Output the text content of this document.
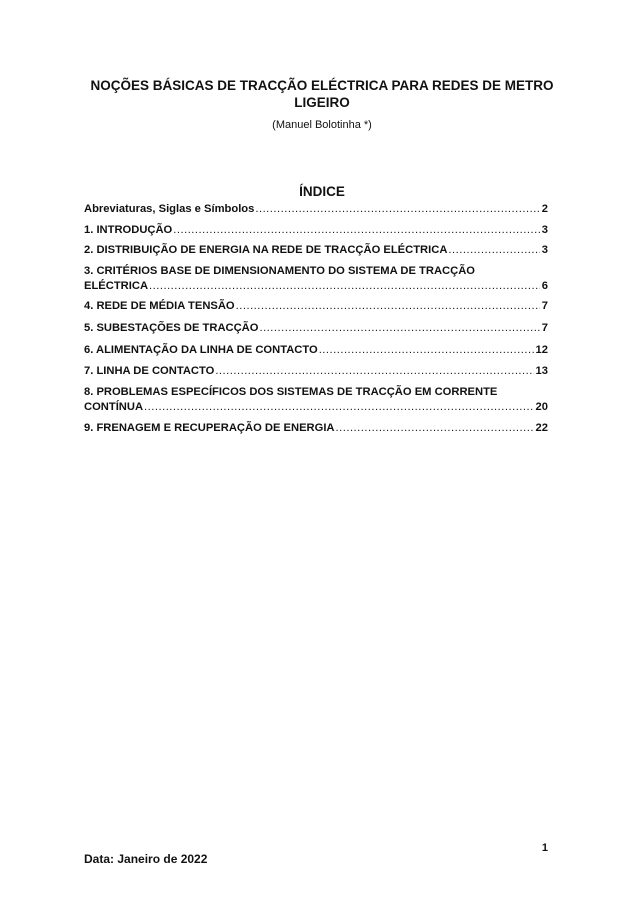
NOÇÕES BÁSICAS DE TRACÇÃO ELÉCTRICA PARA REDES DE METRO LIGEIRO
(Manuel Bolotinha *)
ÍNDICE
Abreviaturas, Siglas e Símbolos .....	2
1. INTRODUÇÃO .....	3
2. DISTRIBUIÇÃO DE ENERGIA NA REDE DE TRACÇÃO ELÉCTRICA .....	3
3. CRITÉRIOS BASE DE DIMENSIONAMENTO DO SISTEMA DE TRACÇÃO
ELÉCTRICA .....	6
4. REDE DE MÉDIA TENSÃO .....	7
5. SUBESTAÇÕES DE TRACÇÃO .....	7
6. ALIMENTAÇÃO DA LINHA DE CONTACTO .....	12
7. LINHA DE CONTACTO .....	13
8. PROBLEMAS ESPECÍFICOS DOS SISTEMAS DE TRACÇÃO EM CORRENTE
CONTÍNUA .....	20
9. FRENAGEM E RECUPERAÇÃO DE ENERGIA .....	22
1
Data: Janeiro de 2022
